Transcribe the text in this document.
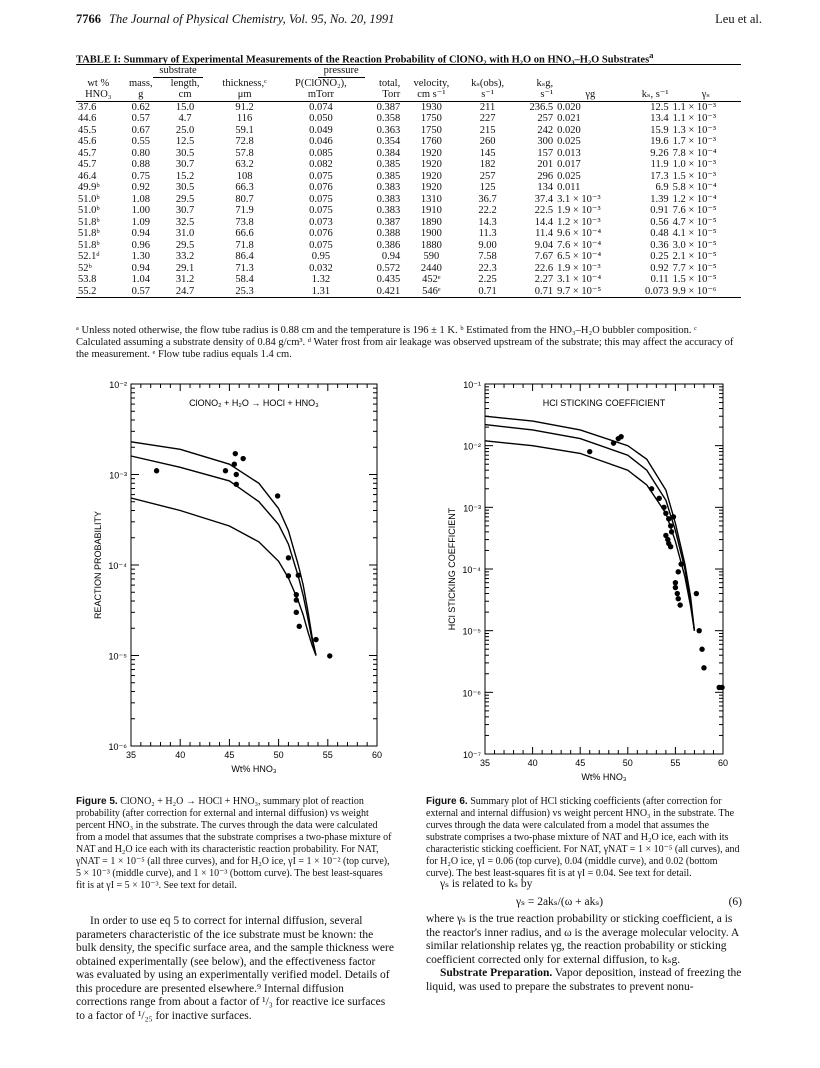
7766 The Journal of Physical Chemistry, Vol. 95, No. 20, 1991	Leu et al.
TABLE I: Summary of Experimental Measurements of the Reaction Probability of ClONO₂ with H₂O on HNO₃–H₂O Substrates$^a$
substrate				pressure							
wt %	mass,	length,	thickness,ᶜ	P(ClONO₂),	total,	velocity,	kₛ(obs),	kₛg,			
HNO₃	g	cm	μm	mTorr	Torr	cm s⁻¹	s⁻¹	s⁻¹	γg	kₛ, s⁻¹	γₛ
37.6	0.62	15.0	91.2	0.074	0.387	1930	211	236.5	0.020	12.5	1.1 × 10⁻³
44.6	0.57	4.7	116	0.050	0.358	1750	227	257	0.021	13.4	1.1 × 10⁻³
45.5	0.67	25.0	59.1	0.049	0.363	1750	215	242	0.020	15.9	1.3 × 10⁻³
45.6	0.55	12.5	72.8	0.046	0.354	1760	260	300	0.025	19.6	1.7 × 10⁻³
45.7	0.80	30.5	57.8	0.085	0.384	1920	145	157	0.013	9.26	7.8 × 10⁻⁴
45.7	0.88	30.7	63.2	0.082	0.385	1920	182	201	0.017	11.9	1.0 × 10⁻³
46.4	0.75	15.2	108	0.075	0.385	1920	257	296	0.025	17.3	1.5 × 10⁻³
49.9ᵇ	0.92	30.5	66.3	0.076	0.383	1920	125	134	0.011	6.9	5.8 × 10⁻⁴
51.0ᵇ	1.08	29.5	80.7	0.075	0.383	1310	36.7	37.4	3.1 × 10⁻³	1.39	1.2 × 10⁻⁴
51.0ᵇ	1.00	30.7	71.9	0.075	0.383	1910	22.2	22.5	1.9 × 10⁻³	0.91	7.6 × 10⁻⁵
51.8ᵇ	1.09	32.5	73.8	0.073	0.387	1890	14.3	14.4	1.2 × 10⁻³	0.56	4.7 × 10⁻⁵
51.8ᵇ	0.94	31.0	66.6	0.076	0.388	1900	11.3	11.4	9.6 × 10⁻⁴	0.48	4.1 × 10⁻⁵
51.8ᵇ	0.96	29.5	71.8	0.075	0.386	1880	9.00	9.04	7.6 × 10⁻⁴	0.36	3.0 × 10⁻⁵
52.1ᵈ	1.30	33.2	86.4	0.95	0.94	590	7.58	7.67	6.5 × 10⁻⁴	0.25	2.1 × 10⁻⁵
52ᵇ	0.94	29.1	71.3	0.032	0.572	2440	22.3	22.6	1.9 × 10⁻³	0.92	7.7 × 10⁻⁵
53.8	1.04	31.2	58.4	1.32	0.435	452ᵉ	2.25	2.27	3.1 × 10⁻⁴	0.11	1.5 × 10⁻⁵
55.2	0.57	24.7	25.3	1.31	0.421	546ᵉ	0.71	0.71	9.7 × 10⁻⁵	0.073	9.9 × 10⁻⁶
ᵃ Unless noted otherwise, the flow tube radius is 0.88 cm and the temperature is 196 ± 1 K. ᵇ Estimated from the HNO₃–H₂O bubbler composition. ᶜ Calculated assuming a substrate density of 0.84 g/cm³. ᵈ Water frost from air leakage was observed upstream of the substrate; this may affect the accuracy of the measurement. ᵉ Flow tube radius equals 1.4 cm.
35	40	45	50	55	60
10⁻²
10⁻³
10⁻⁴
10⁻⁵
10⁻⁶
Wt% HNO₃
REACTION PROBABILITY
ClONO₂ + H₂O → HOCl + HNO₃
Figure 5. ClONO₂ + H₂O → HOCl + HNO₃, summary plot of reaction probability (after correction for external and internal diffusion) vs weight percent HNO₃ in the substrate. The curves through the data were calculated from a model that assumes that the substrate comprises a two-phase mixture of NAT and H₂O ice each with its characteristic reaction probability. For NAT, γNAT = 1 × 10⁻⁵ (all three curves), and for H₂O ice, γI = 1 × 10⁻² (top curve), 5 × 10⁻³ (middle curve), and 1 × 10⁻³ (bottom curve). The best least-squares fit is at γI = 5 × 10⁻³. See text for detail.
35	40	45	50	55	60
10⁻¹
10⁻²
10⁻³
10⁻⁴
10⁻⁵
10⁻⁶
10⁻⁷
Wt% HNO₃
HCl STICKING COEFFICIENT
HCl STICKING COEFFICIENT
Figure 6. Summary plot of HCl sticking coefficients (after correction for external and internal diffusion) vs weight percent HNO₃ in the substrate. The curves through the data were calculated from a model that assumes the substrate comprises a two-phase mixture of NAT and H₂O ice, each with its characteristic sticking coefficient. For NAT, γNAT = 1 × 10⁻⁵ (all curves), and for H₂O ice, γI = 0.06 (top curve), 0.04 (middle curve), and 0.02 (bottom curve). The best least-squares fit is at γI = 0.04. See text for detail.

In order to use eq 5 to correct for internal diffusion, several parameters characteristic of the ice substrate must be known: the bulk density, the specific surface area, and the sample thickness were obtained experimentally (see below), and the effectiveness factor was evaluated by using an experimentally verified model. Details of this procedure are presented elsewhere.⁹ Internal diffusion corrections range from about a factor of ¹/₃ for reactive ice surfaces to a factor of ¹/₂₅ for inactive surfaces.

γₛ is related to kₛ by

γₛ = 2akₛ/(ω + akₛ)	(6)

where γₛ is the true reaction probability or sticking coefficient, a is the reactor's inner radius, and ω is the average molecular velocity. A similar relationship relates γg, the reaction probability or sticking coefficient corrected only for external diffusion, to kₛg.

Substrate Preparation. Vapor deposition, instead of freezing the liquid, was used to prepare the substrates to prevent nonu-
